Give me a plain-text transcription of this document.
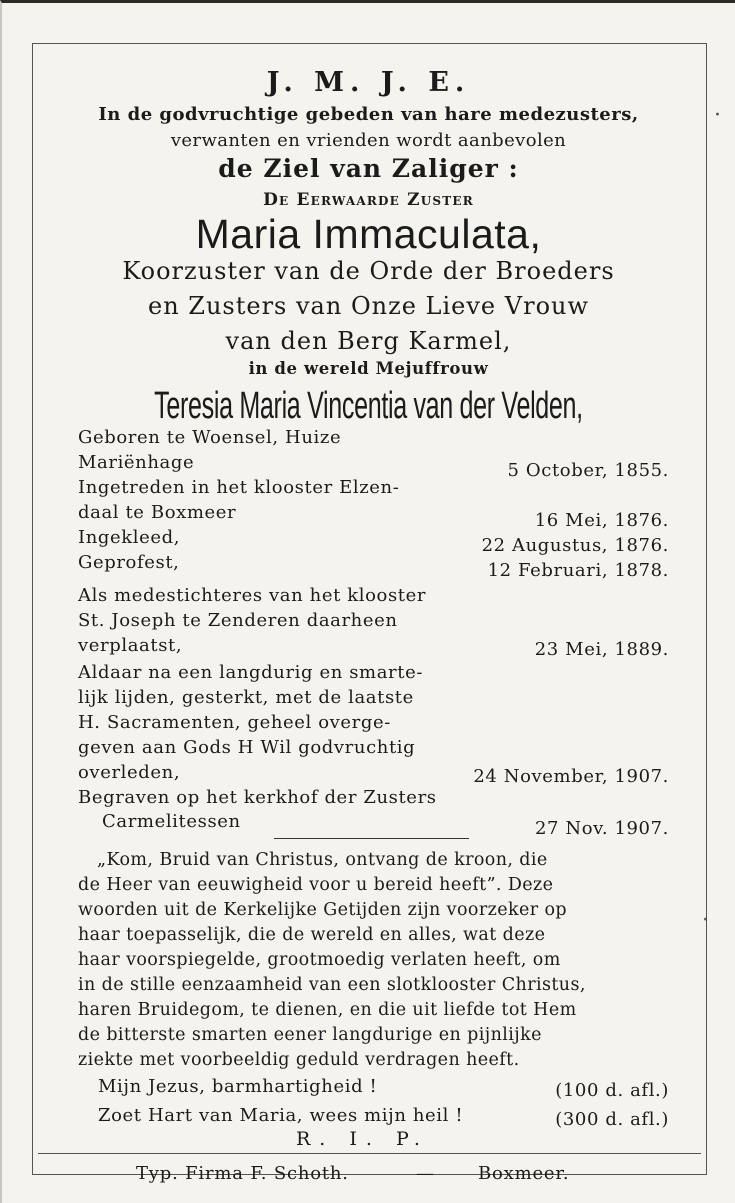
·
·
J. M. J. E.
In de godvruchtige gebeden van hare medezusters,
verwanten en vrienden wordt aanbevolen
de Ziel van Zaliger :
De Eerwaarde Zuster
Maria Immaculata,
Koorzuster van de Orde der Broeders
en Zusters van Onze Lieve Vrouw
van den Berg Karmel,
in de wereld Mejuffrouw
Teresia Maria Vincentia van der Velden,
Geboren te Woensel, Huize
Mariënhage	5 October, 1855.
Ingetreden in het klooster Elzen-
daal te Boxmeer	16 Mei, 1876.
Ingekleed,	22 Augustus, 1876.
Geprofest,	12 Februari, 1878.
Als medestichteres van het klooster
St. Joseph te Zenderen daarheen
verplaatst,	23 Mei, 1889.
Aldaar na een langdurig en smarte-
lijk lijden, gesterkt, met de laatste
H. Sacramenten, geheel overge-
geven aan Gods H Wil godvruchtig
overleden,	24 November, 1907.
Begraven op het kerkhof der Zusters
Carmelitessen	27 Nov. 1907.
„Kom, Bruid van Christus, ontvang de kroon, die
de Heer van eeuwigheid voor u bereid heeft”. Deze
woorden uit de Kerkelijke Getijden zijn voorzeker op
haar toepasselijk, die de wereld en alles, wat deze
haar voorspiegelde, grootmoedig verlaten heeft, om
in de stille eenzaamheid van een slotklooster Christus,
haren Bruidegom, te dienen, en die uit liefde tot Hem
de bitterste smarten eener langdurige en pijnlijke
ziekte met voorbeeldig geduld verdragen heeft.
Mijn Jezus, barmhartigheid !	(100 d. afl.)
Zoet Hart van Maria, wees mijn heil !	(300 d. afl.)
R. I. P.
Typ. Firma F. Schoth.	— Boxmeer.
